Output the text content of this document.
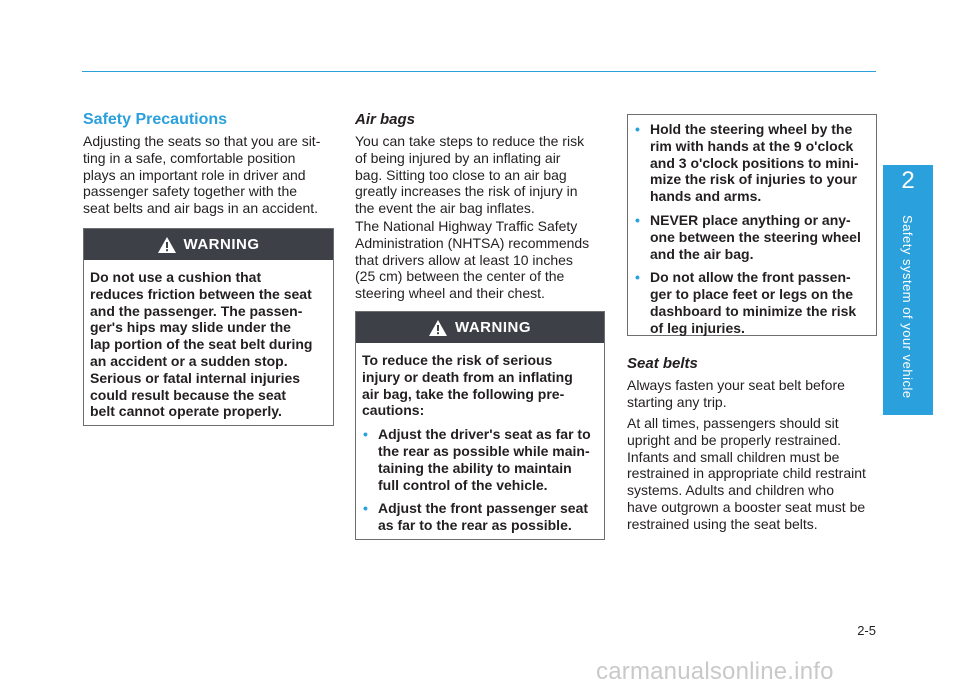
2
Safety system of your vehicle
Safety Precautions
Adjusting the seats so that you are sit-
ting in a safe, comfortable position
plays an important role in driver and
passenger safety together with the
seat belts and air bags in an accident.
WARNING
Do not use a cushion that
reduces friction between the seat
and the passenger. The passen-
ger's hips may slide under the
lap portion of the seat belt during
an accident or a sudden stop.
Serious or fatal internal injuries
could result because the seat
belt cannot operate properly.
Air bags
You can take steps to reduce the risk
of being injured by an inflating air
bag. Sitting too close to an air bag
greatly increases the risk of injury in
the event the air bag inflates.
The National Highway Traffic Safety
Administration (NHTSA) recommends
that drivers allow at least 10 inches
(25 cm) between the center of the
steering wheel and their chest.
WARNING
To reduce the risk of serious
injury or death from an inflating
air bag, take the following pre-
cautions:
• Adjust the driver's seat as far to
the rear as possible while main-
taining the ability to maintain
full control of the vehicle.
• Adjust the front passenger seat
as far to the rear as possible.
• Hold the steering wheel by the
rim with hands at the 9 o'clock
and 3 o'clock positions to mini-
mize the risk of injuries to your
hands and arms.
• NEVER place anything or any-
one between the steering wheel
and the air bag.
• Do not allow the front passen-
ger to place feet or legs on the
dashboard to minimize the risk
of leg injuries.
Seat belts
Always fasten your seat belt before
starting any trip.
At all times, passengers should sit
upright and be properly restrained.
Infants and small children must be
restrained in appropriate child restraint
systems. Adults and children who
have outgrown a booster seat must be
restrained using the seat belts.
2-5
carmanualsonline.info
